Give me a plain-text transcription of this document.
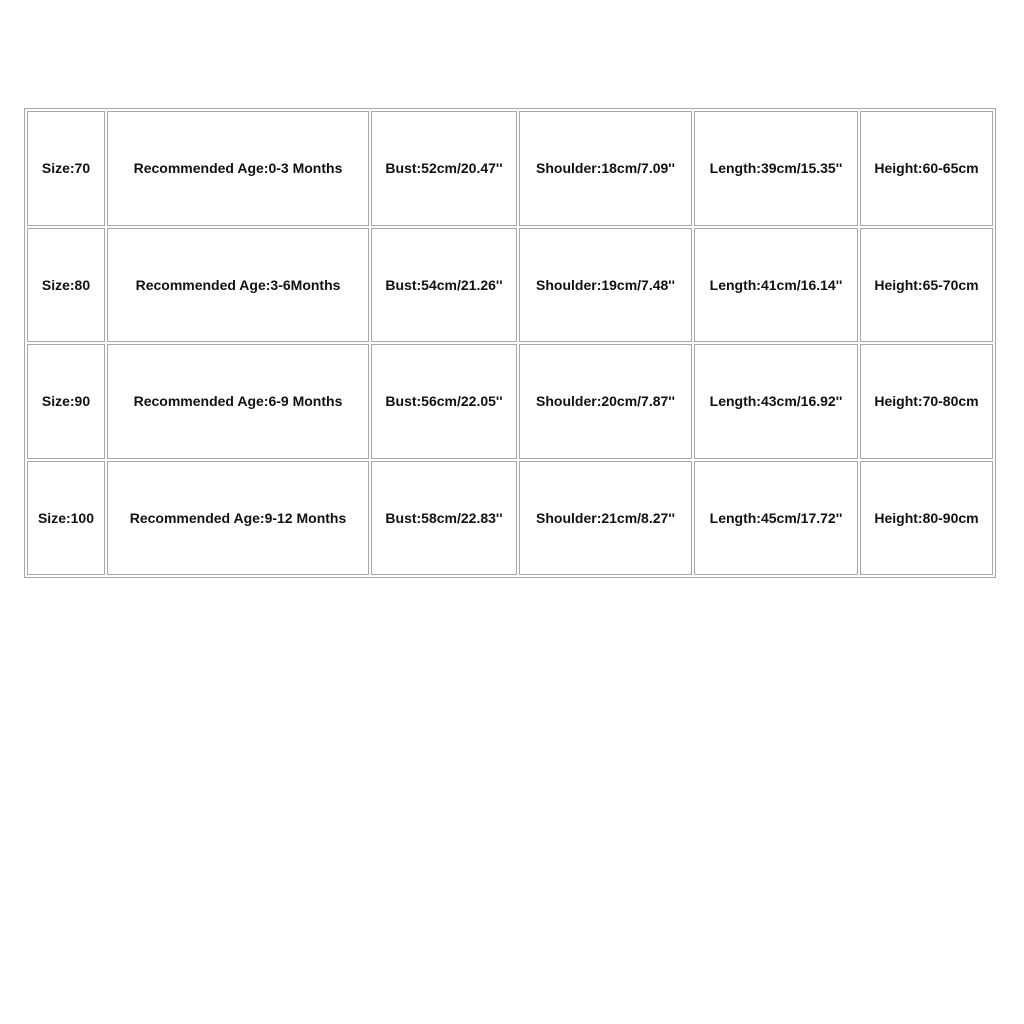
Size:70	Recommended Age:0-3 Months	Bust:52cm/20.47''	Shoulder:18cm/7.09''	Length:39cm/15.35''	Height:60-65cm
Size:80	Recommended Age:3-6Months	Bust:54cm/21.26''	Shoulder:19cm/7.48''	Length:41cm/16.14''	Height:65-70cm
Size:90	Recommended Age:6-9 Months	Bust:56cm/22.05''	Shoulder:20cm/7.87''	Length:43cm/16.92''	Height:70-80cm
Size:100	Recommended Age:9-12 Months	Bust:58cm/22.83''	Shoulder:21cm/8.27''	Length:45cm/17.72''	Height:80-90cm
